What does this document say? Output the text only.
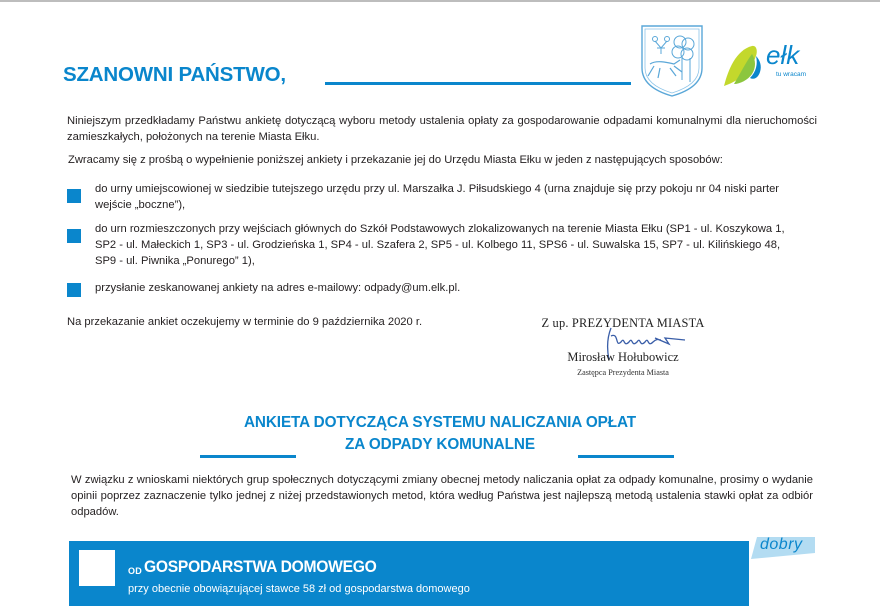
SZANOWNI PAŃSTWO,
ełk
tu wracam
Niniejszym przedkładamy Państwu ankietę dotyczącą wyboru metody ustalenia opłaty za gospodarowanie odpadami komunalnymi dla nieruchomości zamieszkałych, położonych na terenie Miasta Ełku.
Zwracamy się z prośbą o wypełnienie poniższej ankiety i przekazanie jej do Urzędu Miasta Ełku w jeden z następujących sposobów:
do urny umiejscowionej w siedzibie tutejszego urzędu przy ul. Marszałka J. Piłsudskiego 4 (urna znajduje się przy pokoju nr 04 niski parter wejście „boczne”),
do urn rozmieszczonych przy wejściach głównych do Szkół Podstawowych zlokalizowanych na terenie Miasta Ełku (SP1 - ul. Koszykowa 1, SP2 - ul. Małeckich 1, SP3 - ul. Grodzieńska 1, SP4 - ul. Szafera 2, SP5 - ul. Kolbego 11, SPS6 - ul. Suwalska 15, SP7 - ul. Kilińskiego 48, SP9 - ul. Piwnika „Ponurego” 1),
przysłanie zeskanowanej ankiety na adres e-mailowy: odpady@um.elk.pl.
Na przekazanie ankiet oczekujemy w terminie do 9 października 2020 r.	Z up. PREZYDENTA MIASTA
Mirosław Hołubowicz
Zastępca Prezydenta Miasta
ANKIETA DOTYCZĄCA SYSTEMU NALICZANIA OPŁAT
ZA ODPADY KOMUNALNE
W związku z wnioskami niektórych grup społecznych dotyczącymi zmiany obecnej metody naliczania opłat za odpady komunalne, prosimy o wydanie opinii poprzez zaznaczenie tylko jednej z niżej przedstawionych metod, która według Państwa jest najlepszą metodą ustalenia stawki opłat za odbiór odpadów.
OD GOSPODARSTWA DOMOWEGO
przy obecnie obowiązującej stawce 58 zł od gospodarstwa domowego
dobry
